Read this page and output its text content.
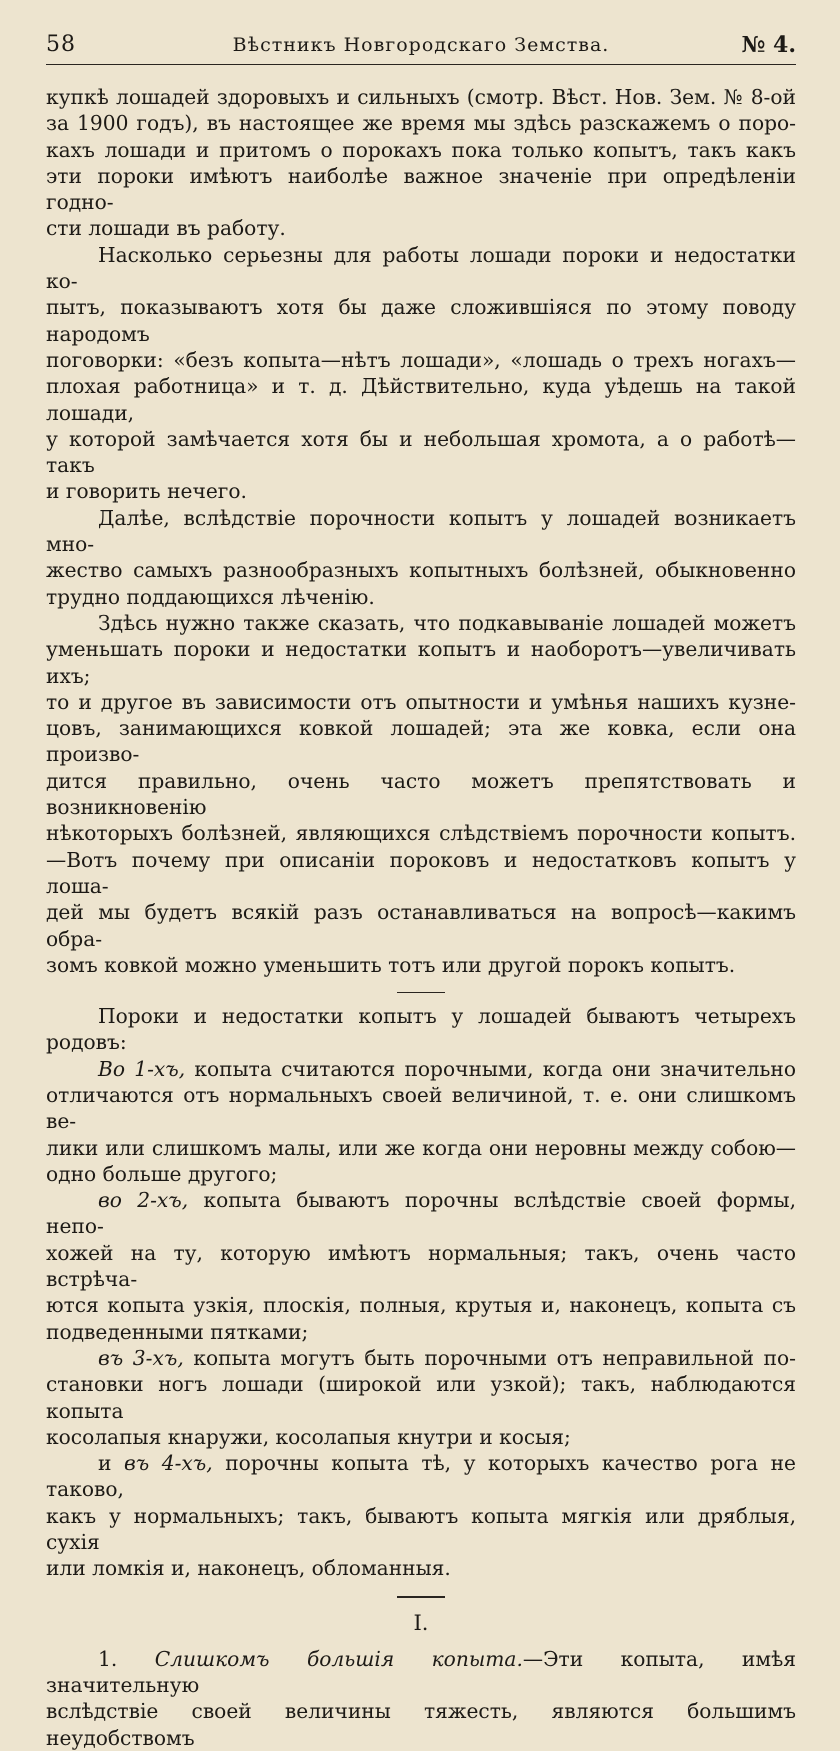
58	Вѣстникъ Новгородскаго Земства.	№ 4.

купкѣ лошадей здоровыхъ и сильныхъ (смотр. Вѣст. Нов. Зем. № 8-ой
за 1900 годъ), въ настоящее же время мы здѣсь разскажемъ о поро-
кахъ лошади и притомъ о порокахъ пока только копытъ, такъ какъ
эти пороки имѣютъ наиболѣе важное значеніе при опредѣленіи годно-
сти лошади въ работу.

Насколько серьезны для работы лошади пороки и недостатки ко-
пытъ, показываютъ хотя бы даже сложившіяся по этому поводу народомъ
поговорки: «безъ копыта—нѣтъ лошади», «лошадь о трехъ ногахъ—
плохая работница» и т. д. Дѣйствительно, куда уѣдешь на такой лошади,
у которой замѣчается хотя бы и небольшая хромота, а о работѣ—такъ
и говорить нечего.

Далѣе, вслѣдствіе порочности копытъ у лошадей возникаетъ мно-
жество самыхъ разнообразныхъ копытныхъ болѣзней, обыкновенно
трудно поддающихся лѣченію.

Здѣсь нужно также сказать, что подкавываніе лошадей можетъ
уменьшать пороки и недостатки копытъ и наоборотъ—увеличивать ихъ;
то и другое въ зависимости отъ опытности и умѣнья нашихъ кузне-
цовъ, занимающихся ковкой лошадей; эта же ковка, если она произво-
дится правильно, очень часто можетъ препятствовать и возникновенію
нѣкоторыхъ болѣзней, являющихся слѣдствіемъ порочности копытъ.
—Вотъ почему при описаніи пороковъ и недостатковъ копытъ у лоша-
дей мы будетъ всякій разъ останавливаться на вопросѣ—какимъ обра-
зомъ ковкой можно уменьшить тотъ или другой порокъ копытъ.

Пороки и недостатки копытъ у лошадей бываютъ четырехъ родовъ:

Во 1-хъ, копыта считаются порочными, когда они значительно
отличаются отъ нормальныхъ своей величиной, т. е. они слишкомъ ве-
лики или слишкомъ малы, или же когда они неровны между собою—
одно больше другого;

во 2-хъ, копыта бываютъ порочны вслѣдствіе своей формы, непо-
хожей на ту, которую имѣютъ нормальныя; такъ, очень часто встрѣча-
ются копыта узкія, плоскія, полныя, крутыя и, наконецъ, копыта съ
подведенными пятками;

въ 3-хъ, копыта могутъ быть порочными отъ неправильной по-
становки ногъ лошади (широкой или узкой); такъ, наблюдаются копыта
косолапыя кнаружи, косолапыя кнутри и косыя;

и въ 4-хъ, порочны копыта тѣ, у которыхъ качество рога не таково,
какъ у нормальныхъ; такъ, бываютъ копыта мягкія или дряблыя, сухія
или ломкія и, наконецъ, обломанныя.

I.

1. Слишкомъ большія копыта.—Эти копыта, имѣя значительную
вслѣдствіе своей величины тяжесть, являются большимъ неудобствомъ
